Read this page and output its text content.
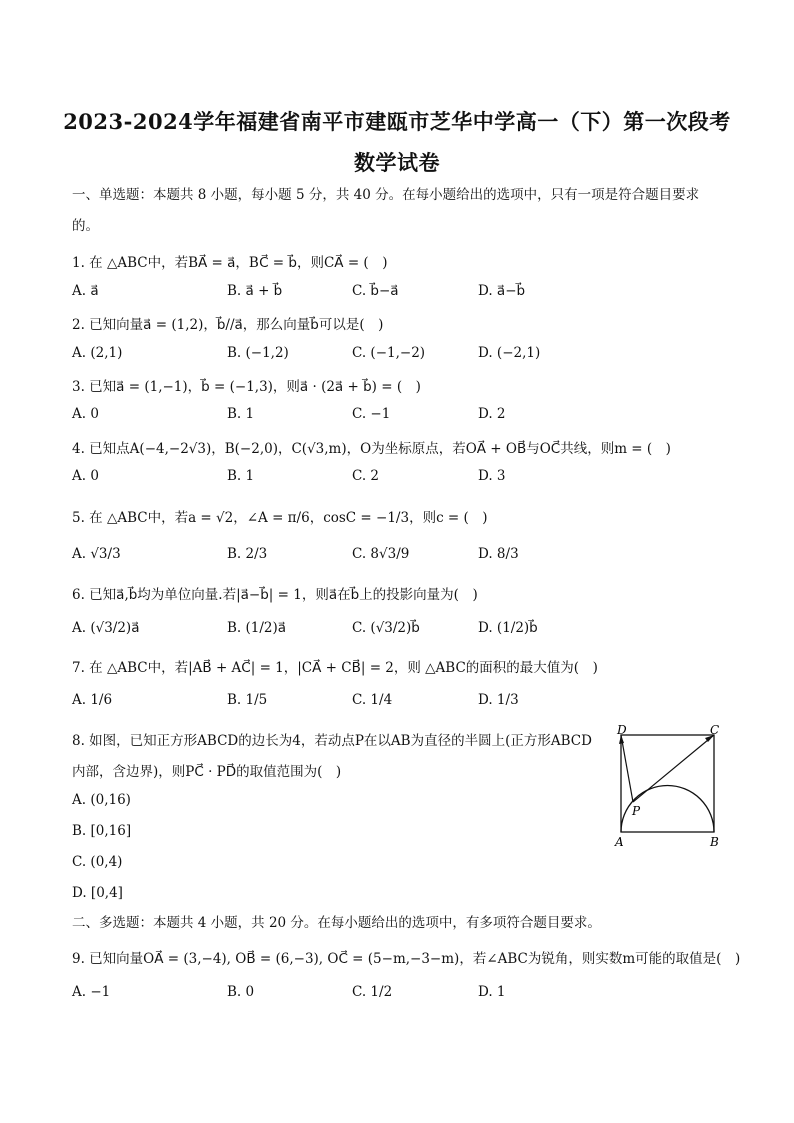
2023-2024学年福建省南平市建瓯市芝华中学高一（下）第一次段考
数学试卷
一、单选题：本题共 8 小题，每小题 5 分，共 40 分。在每小题给出的选项中，只有一项是符合题目要求的。
1. 在 △ABC中，若BA⃗ = a⃗，BC⃗ = b⃗，则CA⃗ = (　)
A. a⃗	B. a⃗ + b⃗	C. b⃗−a⃗	D. a⃗−b⃗
2. 已知向量a⃗ = (1,2)，b⃗//a⃗，那么向量b⃗可以是(　)
A. (2,1)	B. (−1,2)	C. (−1,−2)	D. (−2,1)
3. 已知a⃗ = (1,−1)，b⃗ = (−1,3)，则a⃗ · (2a⃗ + b⃗) = (　)
A. 0	B. 1	C. −1	D. 2
4. 已知点A(−4,−2√3)，B(−2,0)，C(√3,m)，O为坐标原点，若OA⃗ + OB⃗与OC⃗共线，则m = (　)
A. 0	B. 1	C. 2	D. 3
5. 在 △ABC中，若a = √2，∠A = π/6，cosC = −1/3，则c = (　)
A. √3/3	B. 2/3	C. 8√3/9	D. 8/3
6. 已知a⃗,b⃗均为单位向量.若|a⃗−b⃗| = 1，则a⃗在b⃗上的投影向量为(　)
A. (√3/2)a⃗	B. (1/2)a⃗	C. (√3/2)b⃗	D. (1/2)b⃗
7. 在 △ABC中，若|AB⃗ + AC⃗| = 1，|CA⃗ + CB⃗| = 2，则 △ABC的面积的最大值为(　)
A. 1/6	B. 1/5	C. 1/4	D. 1/3
8. 如图，已知正方形ABCD的边长为4，若动点P在以AB为直径的半圆上(正方形ABCD
内部，含边界)，则PC⃗ · PD⃗的取值范围为(　)
A. (0,16)
B. [0,16]
C. (0,4)
D. [0,4]
D	C
A	B
P
二、多选题：本题共 4 小题，共 20 分。在每小题给出的选项中，有多项符合题目要求。
9. 已知向量OA⃗ = (3,−4), OB⃗ = (6,−3), OC⃗ = (5−m,−3−m)，若∠ABC为锐角，则实数m可能的取值是(　)
A. −1	B. 0	C. 1/2	D. 1
